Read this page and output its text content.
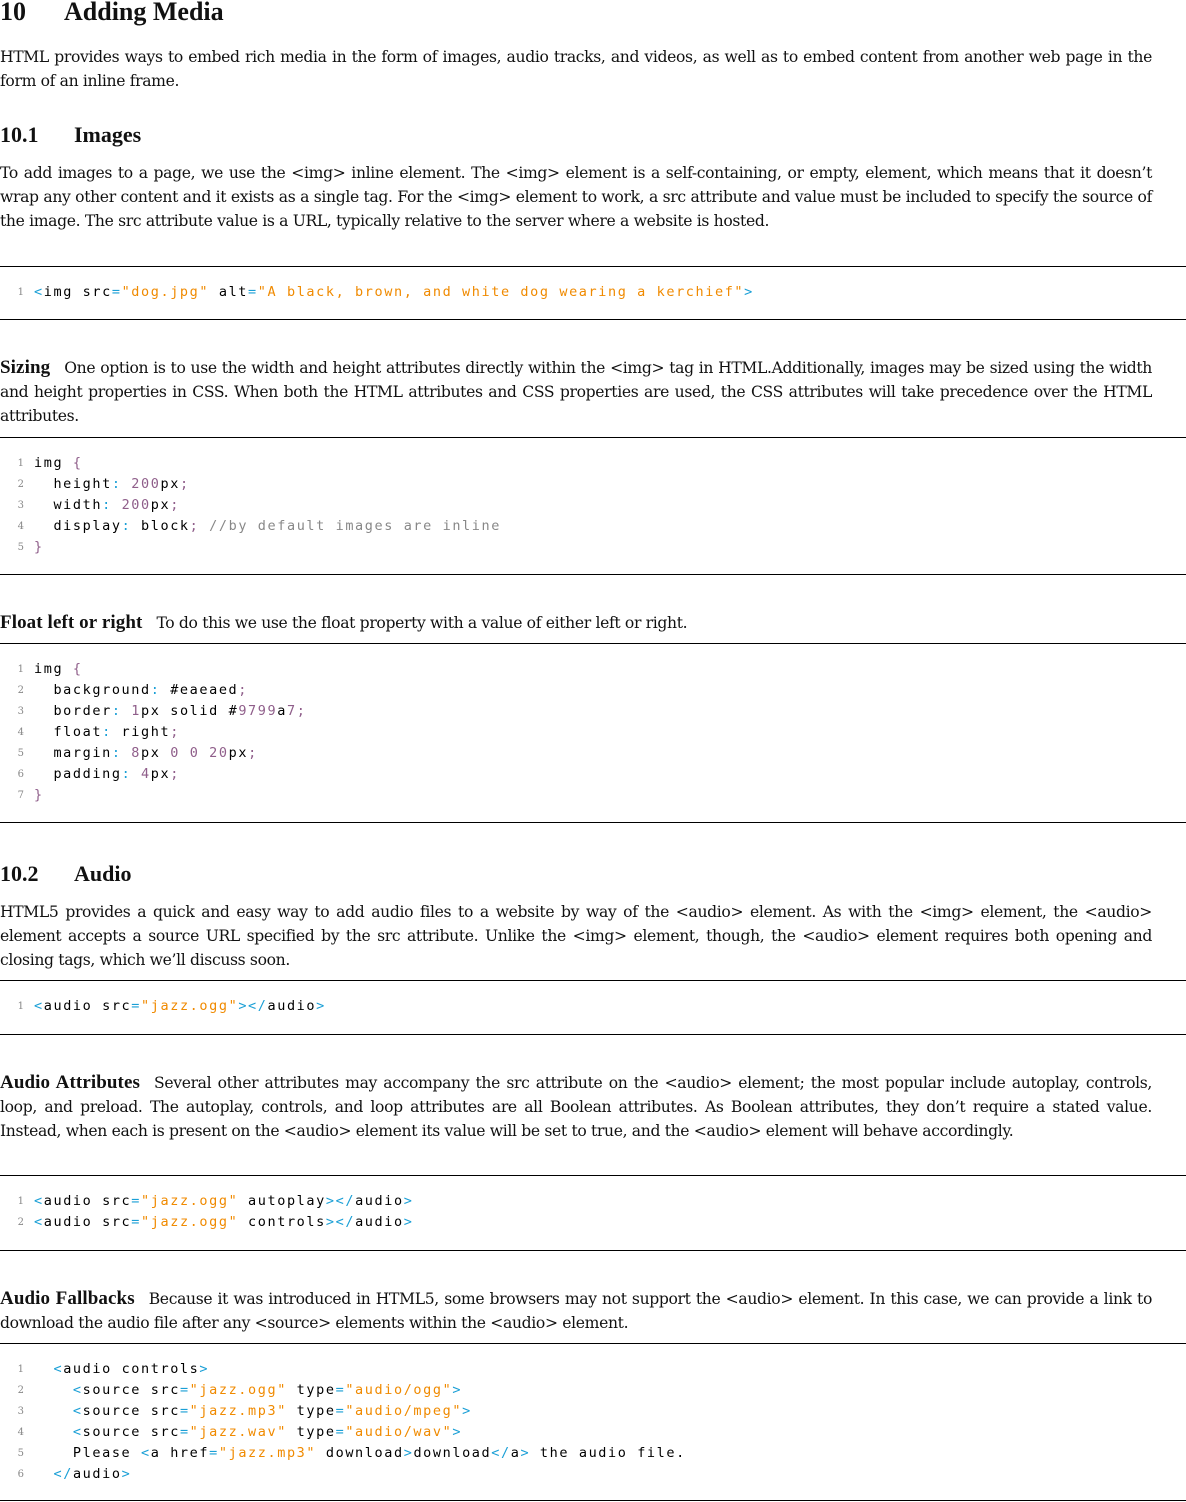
10 Adding Media
HTML provides ways to embed rich media in the form of images, audio tracks, and videos, as well as to embed content from another web page in the form of an inline frame.
10.1 Images
To add images to a page, we use the <img> inline element. The <img> element is a self-containing, or empty, element, which means that it doesn’t wrap any other content and it exists as a single tag. For the <img> element to work, a src attribute and value must be included to specify the source of the image. The src attribute value is a URL, typically relative to the server where a website is hosted.
1 <img src="dog.jpg" alt="A black, brown, and white dog wearing a kerchief">
Sizing One option is to use the width and height attributes directly within the <img> tag in HTML.Additionally, images may be sized using the width and height properties in CSS. When both the HTML attributes and CSS properties are used, the CSS attributes will take precedence over the HTML attributes.
1 img {
2 height: 200px;
3 width: 200px;
4 display: block; //by default images are inline
5 }
Float left or right To do this we use the float property with a value of either left or right.
1 img {
2 background: #eaeaed;
3 border: 1px solid #9799a7;
4 float: right;
5 margin: 8px 0 0 20px;
6 padding: 4px;
7 }
10.2 Audio
HTML5 provides a quick and easy way to add audio files to a website by way of the <audio> element. As with the <img> element, the <audio> element accepts a source URL specified by the src attribute. Unlike the <img> element, though, the <audio> element requires both opening and closing tags, which we’ll discuss soon.
1 <audio src="jazz.ogg"></audio>
Audio Attributes Several other attributes may accompany the src attribute on the <audio> element; the most popular include autoplay, controls, loop, and preload. The autoplay, controls, and loop attributes are all Boolean attributes. As Boolean attributes, they don’t require a stated value. Instead, when each is present on the <audio> element its value will be set to true, and the <audio> element will behave accordingly.
1 <audio src="jazz.ogg" autoplay></audio>
2 <audio src="jazz.ogg" controls></audio>
Audio Fallbacks Because it was introduced in HTML5, some browsers may not support the <audio> element. In this case, we can provide a link to download the audio file after any <source> elements within the <audio> element.
1	<audio controls>
2	<source src="jazz.ogg" type="audio/ogg">
3	<source src="jazz.mp3" type="audio/mpeg">
4	<source src="jazz.wav" type="audio/wav">
5 Please <a href="jazz.mp3" download>download</a> the audio file.
6	</audio>
